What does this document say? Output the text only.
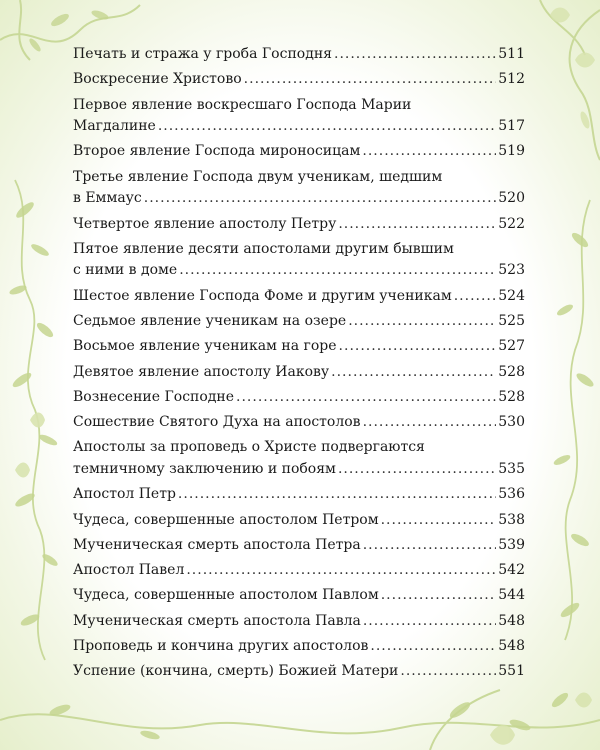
Печать и стража у гроба Господня .....	511
Воскресение Христово .....	512
Первое явление воскресшаго Господа Марии
Магдалине .....	517
Второе явление Господа мироносицам .....	519
Третье явление Господа двум ученикам, шедшим
в Еммаус .....	520
Четвертое явление апостолу Петру .....	522
Пятое явление десяти апостолами другим бывшим
с ними в доме .....	523
Шестое явление Господа Фоме и другим ученикам .....	524
Седьмое явление ученикам на озере .....	525
Восьмое явление ученикам на горе .....	527
Девятое явление апостолу Иакову .....	528
Вознесение Господне .....	528
Сошествие Святого Духа на апостолов .....	530
Апостолы за проповедь о Христе подвергаются
темничному заключению и побоям .....	535
Апостол Петр .....	536
Чудеса, совершенные апостолом Петром .....	538
Мученическая смерть апостола Петра .....	539
Апостол Павел .....	542
Чудеса, совершенные апостолом Павлом .....	544
Мученическая смерть апостола Павла .....	548
Проповедь и кончина других апостолов .....	548
Успение (кончина, смерть) Божией Матери .....	551
